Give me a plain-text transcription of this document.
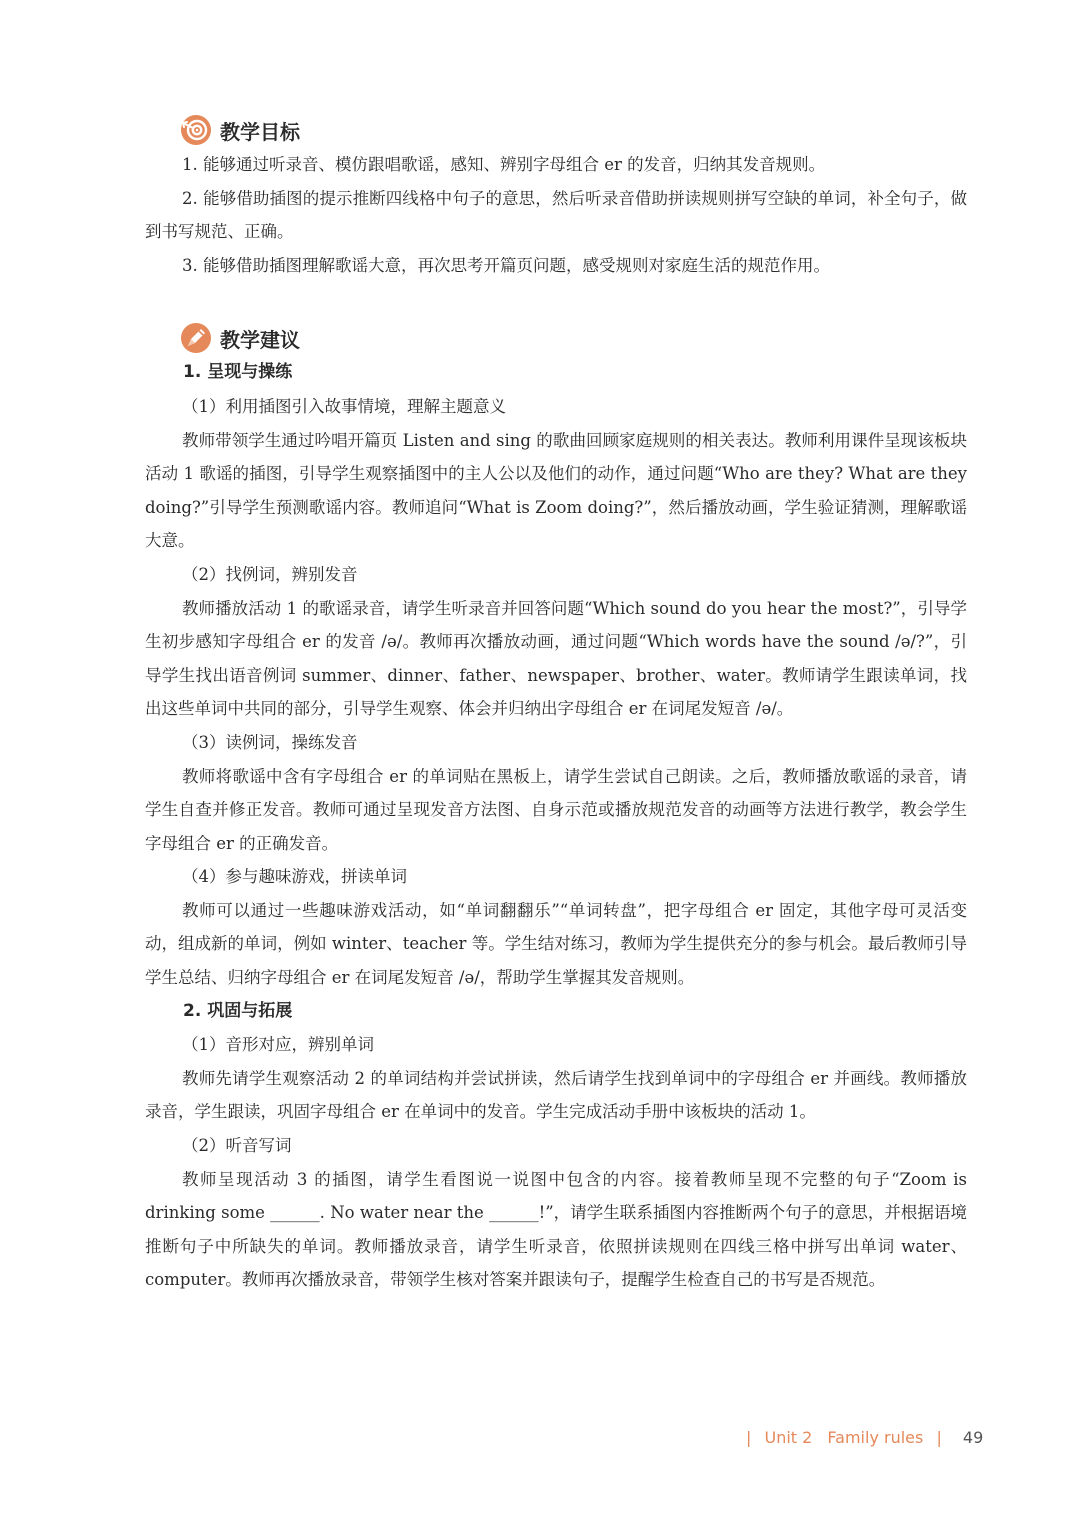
教学目标

1. 能够通过听录音、模仿跟唱歌谣，感知、辨别字母组合 er 的发音，归纳其发音规则。

2. 能够借助插图的提示推断四线格中句子的意思，然后听录音借助拼读规则拼写空缺的单词，补全句子，做到书写规范、正确。

3. 能够借助插图理解歌谣大意，再次思考开篇页问题，感受规则对家庭生活的规范作用。

教学建议

1. 呈现与操练

（1）利用插图引入故事情境，理解主题意义

教师带领学生通过吟唱开篇页 Listen and sing 的歌曲回顾家庭规则的相关表达。教师利用课件呈现该板块活动 1 歌谣的插图，引导学生观察插图中的主人公以及他们的动作，通过问题“Who are they? What are they doing?”引导学生预测歌谣内容。教师追问“What is Zoom doing?”，然后播放动画，学生验证猜测，理解歌谣大意。

（2）找例词，辨别发音

教师播放活动 1 的歌谣录音，请学生听录音并回答问题“Which sound do you hear the most?”，引导学生初步感知字母组合 er 的发音 /ə/。教师再次播放动画，通过问题“Which words have the sound /ə/?”，引导学生找出语音例词 summer、dinner、father、newspaper、brother、water。教师请学生跟读单词，找出这些单词中共同的部分，引导学生观察、体会并归纳出字母组合 er 在词尾发短音 /ə/。

（3）读例词，操练发音

教师将歌谣中含有字母组合 er 的单词贴在黑板上，请学生尝试自己朗读。之后，教师播放歌谣的录音，请学生自查并修正发音。教师可通过呈现发音方法图、自身示范或播放规范发音的动画等方法进行教学，教会学生字母组合 er 的正确发音。

（4）参与趣味游戏，拼读单词

教师可以通过一些趣味游戏活动，如“单词翻翻乐”“单词转盘”，把字母组合 er 固定，其他字母可灵活变动，组成新的单词，例如 winter、teacher 等。学生结对练习，教师为学生提供充分的参与机会。最后教师引导学生总结、归纳字母组合 er 在词尾发短音 /ə/，帮助学生掌握其发音规则。

2. 巩固与拓展

（1）音形对应，辨别单词

教师先请学生观察活动 2 的单词结构并尝试拼读，然后请学生找到单词中的字母组合 er 并画线。教师播放录音，学生跟读，巩固字母组合 er 在单词中的发音。学生完成活动手册中该板块的活动 1。

（2）听音写词

教师呈现活动 3 的插图，请学生看图说一说图中包含的内容。接着教师呈现不完整的句子“Zoom is drinking some ______. No water near the ______!”，请学生联系插图内容推断两个句子的意思，并根据语境推断句子中所缺失的单词。教师播放录音，请学生听录音，依照拼读规则在四线三格中拼写出单词 water、computer。教师再次播放录音，带领学生核对答案并跟读句子，提醒学生检查自己的书写是否规范。

| Unit 2 Family rules | 49
